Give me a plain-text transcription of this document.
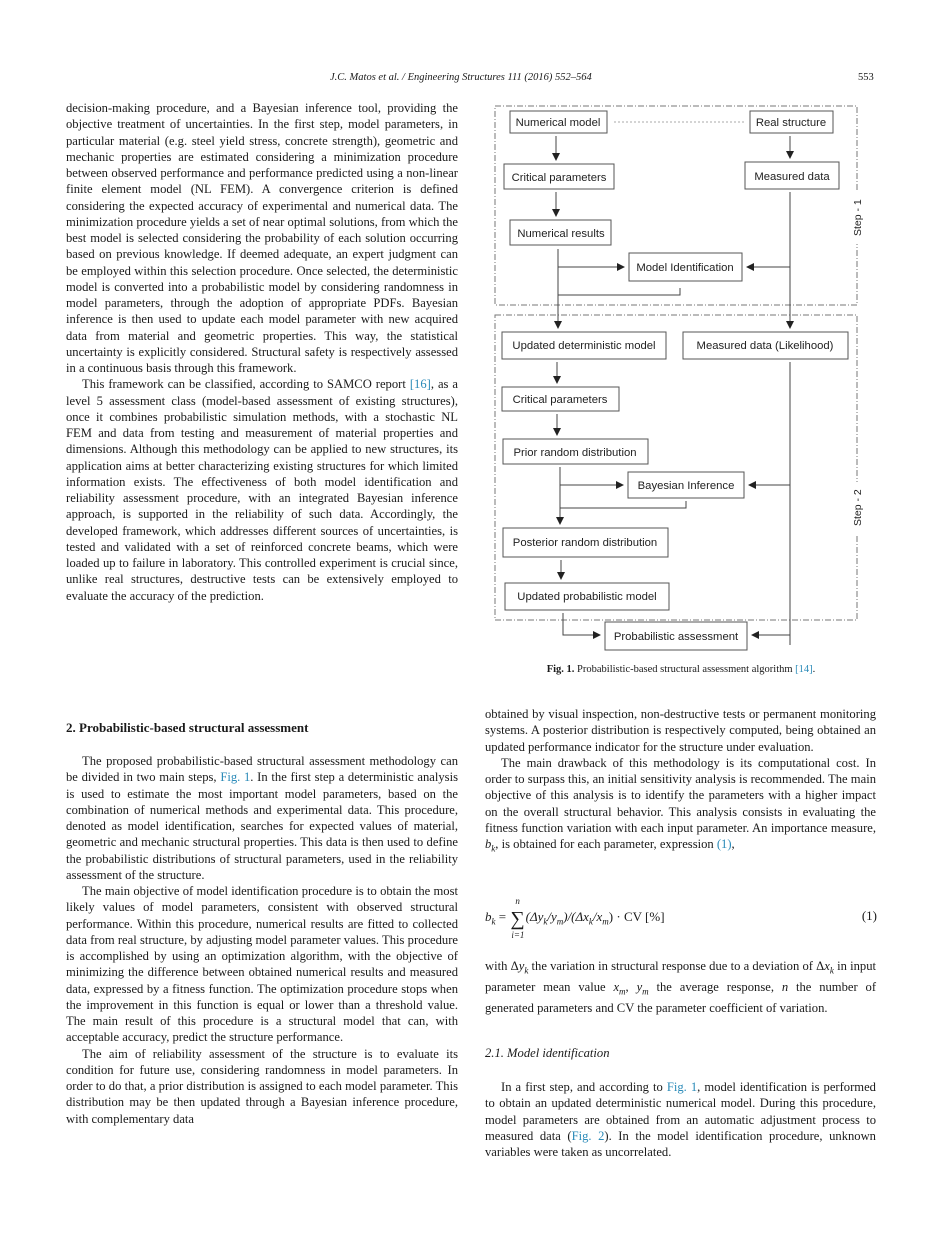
J.C. Matos et al. / Engineering Structures 111 (2016) 552–564	553

decision-making procedure, and a Bayesian inference tool, providing the objective treatment of uncertainties. In the first step, model parameters, in particular material (e.g. steel yield stress, concrete strength), geometric and mechanic properties are estimated considering a minimization procedure between observed performance and performance predicted using a non-linear finite element model (NL FEM). A convergence criterion is defined considering the expected accuracy of experimental and numerical data. The minimization procedure yields a set of near optimal solutions, from which the best model is selected considering the probability of each solution occurring based on previous knowledge. If deemed adequate, an expert judgment can be employed within this selection procedure. Once selected, the deterministic model is converted into a probabilistic model by considering randomness in model parameters, through the adoption of appropriate PDFs. Bayesian inference is then used to update each model parameter with new acquired data from material and geometric properties. This way, the statistical uncertainty is explicitly considered. Structural safety is respectively assessed in a continuous basis through this framework.

This framework can be classified, according to SAMCO report [16], as a level 5 assessment class (model-based assessment of existing structures), once it combines probabilistic simulation methods, with a stochastic NL FEM and data from testing and measurement of material properties and dimensions. Although this methodology can be applied to new structures, its application aims at better characterizing existing structures for which limited information exists. The effectiveness of both model identification and reliability assessment procedure, with an integrated Bayesian inference approach, is supported in the reliability of such data. Accordingly, the developed framework, which addresses different sources of uncertainties, is tested and validated with a set of reinforced concrete beams, which were loaded up to failure in laboratory. This controlled experiment is crucial since, unlike real structures, destructive tests can be extensively employed to evaluate the accuracy of the prediction.

2. Probabilistic-based structural assessment

The proposed probabilistic-based structural assessment methodology can be divided in two main steps, Fig. 1. In the first step a deterministic analysis is used to estimate the most important model parameters, based on the combination of numerical methods and experimental data. This procedure, denoted as model identification, searches for expected values of material, geometric and mechanic structural properties. This data is then used to define the probabilistic distributions of structural parameters, used in the reliability assessment of the structure.

The main objective of model identification procedure is to obtain the most likely values of model parameters, consistent with observed structural performance. Within this procedure, numerical results are fitted to collected data from real structure, by adjusting model parameter values. This procedure is accomplished by using an optimization algorithm, with the objective of minimizing the difference between obtained numerical results and measured data, expressed by a fitness function. The optimization procedure stops when the improvement in this function is equal or lower than a threshold value. The main result of this procedure is a structural model that can, with acceptable accuracy, predict the structure performance.

The aim of reliability assessment of the structure is to evaluate its condition for future use, considering randomness in model parameters. In order to do that, a prior distribution is assigned to each model parameter. This distribution may be then updated through a Bayesian inference procedure, with complementary data

Step - 1
Step - 2
Numerical model	Real structure
Critical parameters	Measured data
Numerical results
Model Identification
Updated deterministic model	Measured data (Likelihood)
Critical parameters
Prior random distribution
Bayesian Inference
Posterior random distribution
Updated probabilistic model
Probabilistic assessment
Fig. 1. Probabilistic-based structural assessment algorithm [14].

obtained by visual inspection, non-destructive tests or permanent monitoring systems. A posterior distribution is respectively computed, being obtained an updated performance indicator for the structure under evaluation.

The main drawback of this methodology is its computational cost. In order to surpass this, an initial sensitivity analysis is recommended. The main objective of this analysis is to identify the parameters with a higher impact on the overall structural behavior. This analysis consists in evaluating the fitness function variation with each input parameter. An importance measure, $b_k$, is obtained for each parameter, expression (1),

$b_k$ = ∑
n
i=1
$(\Delta y_k/y_m)/(\Delta x_k/x_m)$ · CV [%]	(1)

with $\Delta y_k$ the variation in structural response due to a deviation of $\Delta x_k$ in input parameter mean value $x_m$, $y_m$ the average response, n the number of generated parameters and CV the parameter coefficient of variation.

2.1. Model identification

In a first step, and according to Fig. 1, model identification is performed to obtain an updated deterministic numerical model. During this procedure, model parameters are obtained from an automatic adjustment process to measured data (Fig. 2). In the model identification procedure, unknown variables were taken as uncorrelated.
